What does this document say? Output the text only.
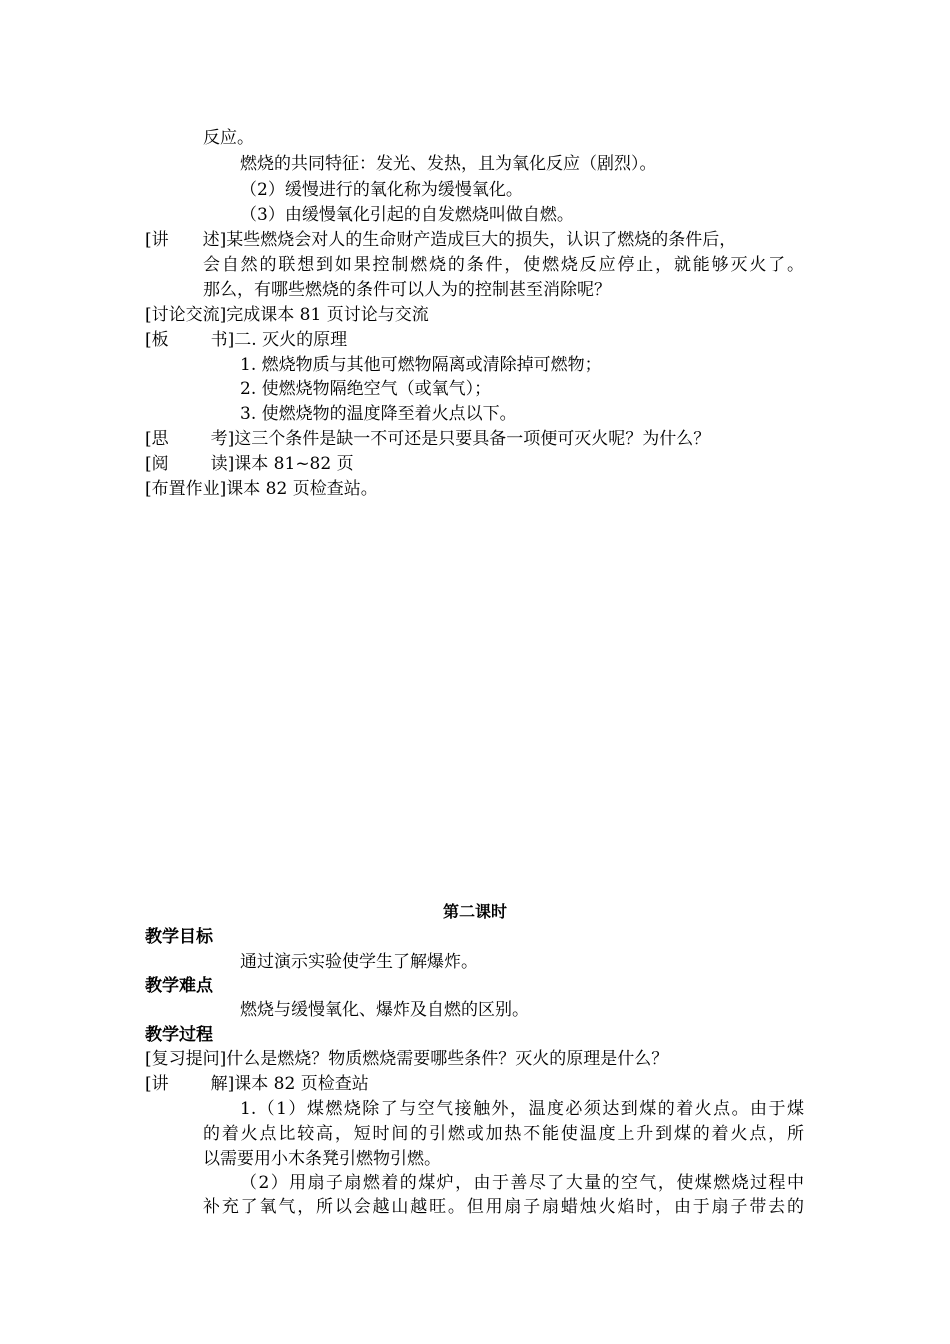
反应。
燃烧的共同特征：发光、发热，且为氧化反应（剧烈）。
（2）缓慢进行的氧化称为缓慢氧化。
（3）由缓慢氧化引起的自发燃烧叫做自燃。
[讲 述]某些燃烧会对人的生命财产造成巨大的损失，认识了燃烧的条件后，
会自然的联想到如果控制燃烧的条件，使燃烧反应停止，就能够灭火了。
那么，有哪些燃烧的条件可以人为的控制甚至消除呢？
[讨论交流]完成课本 81 页讨论与交流
[板 书]二. 灭火的原理
1. 燃烧物质与其他可燃物隔离或清除掉可燃物；
2. 使燃烧物隔绝空气（或氧气）；
3. 使燃烧物的温度降至着火点以下。
[思 考]这三个条件是缺一不可还是只要具备一项便可灭火呢？为什么？
[阅 读]课本 81~82 页
[布置作业]课本 82 页检查站。
第二课时
教学目标
通过演示实验使学生了解爆炸。
教学难点
燃烧与缓慢氧化、爆炸及自燃的区别。
教学过程
[复习提问]什么是燃烧？物质燃烧需要哪些条件？灭火的原理是什么？
[讲 解]课本 82 页检查站
1.（1）煤燃烧除了与空气接触外，温度必须达到煤的着火点。由于煤
的着火点比较高，短时间的引燃或加热不能使温度上升到煤的着火点，所
以需要用小木条凳引燃物引燃。
（2）用扇子扇燃着的煤炉，由于善尽了大量的空气，使煤燃烧过程中
补充了氧气，所以会越山越旺。但用扇子扇蜡烛火焰时，由于扇子带去的
